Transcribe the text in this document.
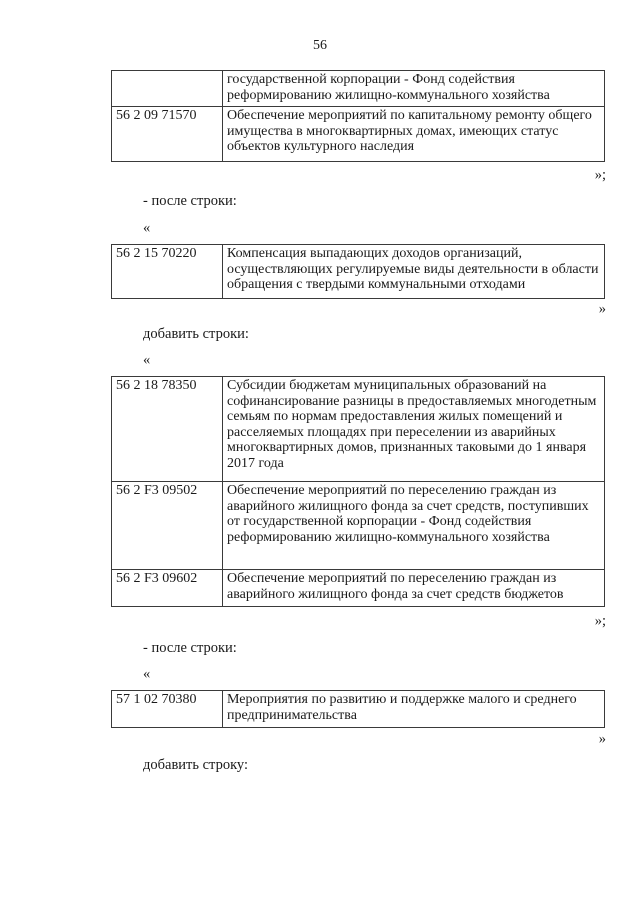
56
	государственной корпорации - Фонд содействия реформированию жилищно-коммунального хозяйства
56 2 09 71570	Обеспечение мероприятий по капитальному ремонту общего имущества в многоквартирных домах, имеющих статус объектов культурного наследия
»;
- после строки:
«
56 2 15 70220	Компенсация выпадающих доходов организаций, осуществляющих регулируемые виды деятельности в области обращения с твердыми коммунальными отходами
»
добавить строки:
«
56 2 18 78350	Субсидии бюджетам муниципальных образований на софинансирование разницы в предоставляемых многодетным семьям по нормам предоставления жилых помещений и расселяемых площадях при переселении из аварийных многоквартирных домов, признанных таковыми до 1 января 2017 года
56 2 F3 09502	Обеспечение мероприятий по переселению граждан из аварийного жилищного фонда за счет средств, поступивших от государственной корпорации - Фонд содействия реформированию жилищно-коммунального хозяйства
56 2 F3 09602	Обеспечение мероприятий по переселению граждан из аварийного жилищного фонда за счет средств бюджетов
»;
- после строки:
«
57 1 02 70380	Мероприятия по развитию и поддержке малого и среднего предпринимательства
»
добавить строку:
